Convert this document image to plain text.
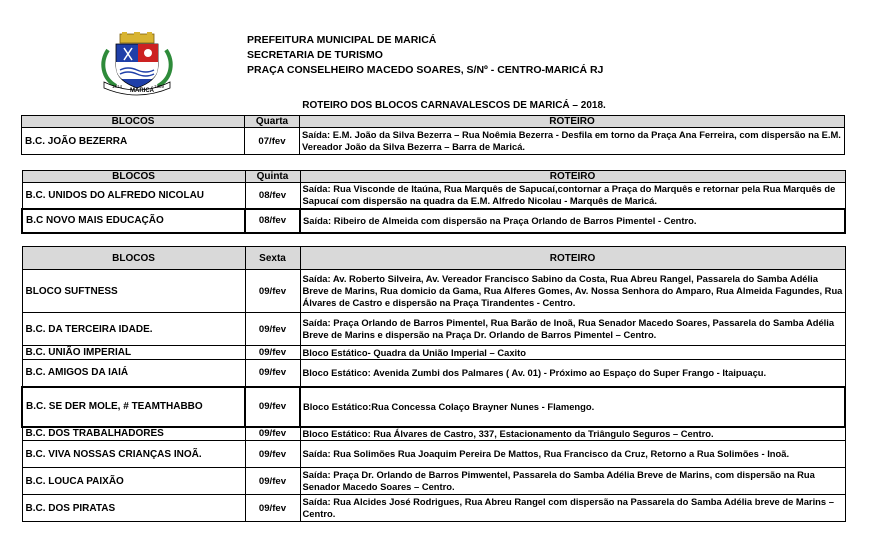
1814
MARICÁ
1889
PREFEITURA MUNICIPAL DE MARICÁ
SECRETARIA DE TURISMO
PRAÇA CONSELHEIRO MACEDO SOARES, S/Nº - CENTRO-MARICÁ RJ
ROTEIRO DOS BLOCOS CARNAVALESCOS DE MARICÁ – 2018.
BLOCOS	Quarta	ROTEIRO
B.C. JOÃO BEZERRA	07/fev	Saída: E.M. João da Silva Bezerra – Rua Noêmia Bezerra - Desfila em torno da Praça Ana Ferreira, com dispersão na E.M. Vereador João da Silva Bezerra – Barra de Maricá.
BLOCOS	Quinta	ROTEIRO
B.C. UNIDOS DO ALFREDO NICOLAU	08/fev	Saída: Rua Visconde de Itaúna, Rua Marquês de Sapucaí,contornar a Praça do Marquês e retornar pela Rua Marquês de Sapucaí com dispersão na quadra da E.M. Alfredo Nicolau - Marquês de Maricá.
B.C NOVO MAIS EDUCAÇÃO	08/fev	Saída: Ribeiro de Almeida com dispersão na Praça Orlando de Barros Pimentel - Centro.
BLOCOS	Sexta	ROTEIRO
BLOCO SUFTNESS	09/fev	Saída: Av. Roberto Silveira, Av. Vereador Francisco Sabino da Costa, Rua Abreu Rangel, Passarela do Samba Adélia Breve de Marins, Rua domicio da Gama, Rua Alferes Gomes, Av. Nossa Senhora do Amparo, Rua Almeida Fagundes, Rua Álvares de Castro e dispersão na Praça Tirandentes - Centro.
B.C. DA TERCEIRA IDADE.	09/fev	Saída: Praça Orlando de Barros Pimentel, Rua Barão de Inoã, Rua Senador Macedo Soares, Passarela do Samba Adélia Breve de Marins e dispersão na Praça Dr. Orlando de Barros Pimentel – Centro.
B.C. UNIÃO IMPERIAL	09/fev	Bloco Estático- Quadra da União Imperial – Caxito
B.C. AMIGOS DA IAIÁ	09/fev	Bloco Estático: Avenida Zumbi dos Palmares ( Av. 01) - Próximo ao Espaço do Super Frango - Itaipuaçu.
B.C. SE DER MOLE, # TEAMTHABBO	09/fev	Bloco Estático:Rua Concessa Colaço Brayner Nunes - Flamengo.
B.C. DOS TRABALHADORES	09/fev	Bloco Estático: Rua Álvares de Castro, 337, Estacionamento da Triângulo Seguros – Centro.
B.C. VIVA NOSSAS CRIANÇAS INOÃ.	09/fev	Saída: Rua Solimões Rua Joaquim Pereira De Mattos, Rua Francisco da Cruz, Retorno a Rua Solimões - Inoã.
B.C. LOUCA PAIXÃO	09/fev	Saída: Praça Dr. Orlando de Barros Pimwentel, Passarela do Samba Adélia Breve de Marins, com dispersão na Rua Senador Macedo Soares – Centro.
B.C. DOS PIRATAS	09/fev	Saída: Rua Alcides José Rodrigues, Rua Abreu Rangel com dispersão na Passarela do Samba Adélia breve de Marins – Centro.
